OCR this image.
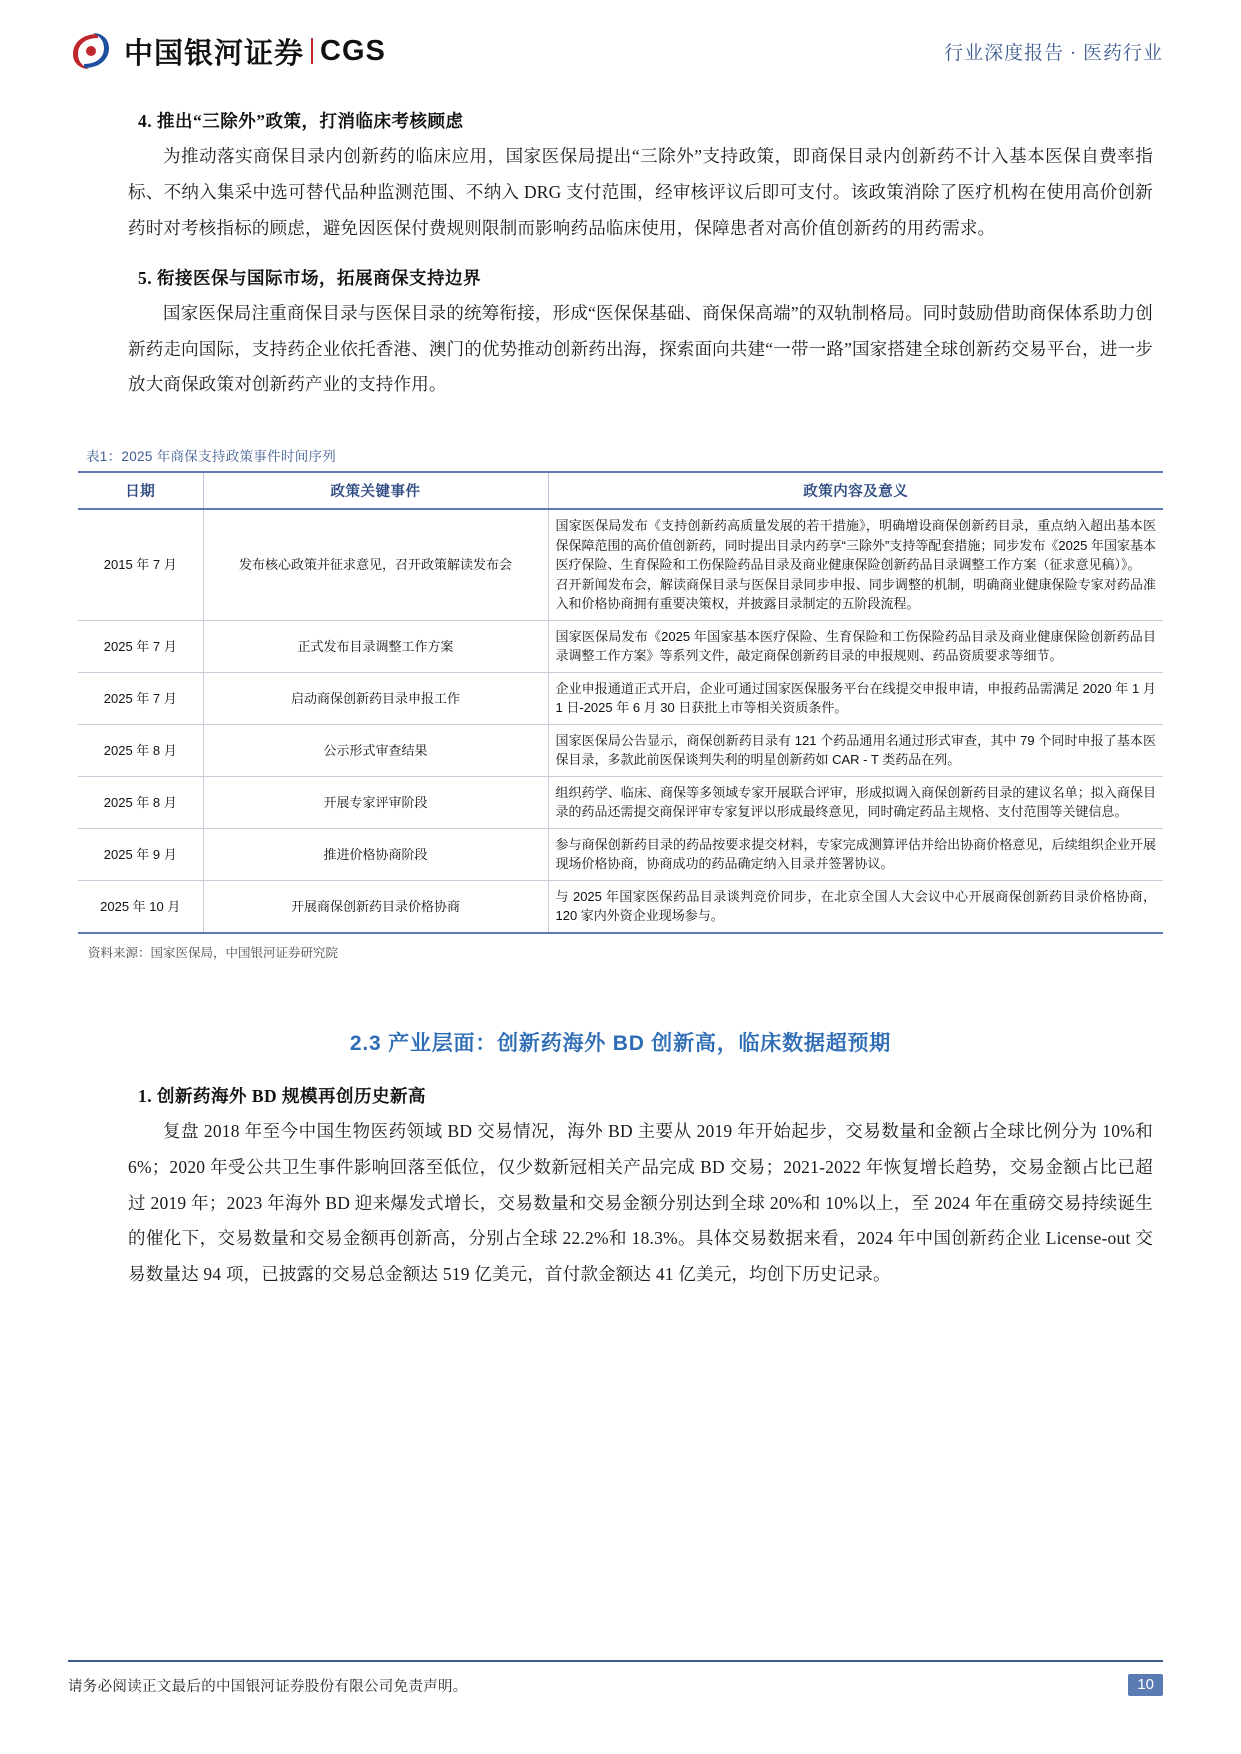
中国银河证券 CGS	行业深度报告 · 医药行业
4. 推出“三除外”政策，打消临床考核顾虑

为推动落实商保目录内创新药的临床应用，国家医保局提出“三除外”支持政策，即商保目录内创新药不计入基本医保自费率指标、不纳入集采中选可替代品种监测范围、不纳入 DRG 支付范围，经审核评议后即可支付。该政策消除了医疗机构在使用高价创新药时对考核指标的顾虑，避免因医保付费规则限制而影响药品临床使用，保障患者对高价值创新药的用药需求。

5. 衔接医保与国际市场，拓展商保支持边界

国家医保局注重商保目录与医保目录的统筹衔接，形成“医保保基础、商保保高端”的双轨制格局。同时鼓励借助商保体系助力创新药走向国际，支持药企业依托香港、澳门的优势推动创新药出海，探索面向共建“一带一路”国家搭建全球创新药交易平台，进一步放大商保政策对创新药产业的支持作用。

表1：2025 年商保支持政策事件时间序列
日期	政策关键事件	政策内容及意义
2015 年 7 月	发布核心政策并征求意见，召开政策解读发布会	国家医保局发布《支持创新药高质量发展的若干措施》，明确增设商保创新药目录，重点纳入超出基本医保保障范围的高价值创新药，同时提出目录内药享“三除外”支持等配套措施；同步发布《2025 年国家基本医疗保险、生育保险和工伤保险药品目录及商业健康保险创新药品目录调整工作方案（征求意见稿）》。
召开新闻发布会，解读商保目录与医保目录同步申报、同步调整的机制，明确商业健康保险专家对药品准入和价格协商拥有重要决策权，并披露目录制定的五阶段流程。
2025 年 7 月	正式发布目录调整工作方案	国家医保局发布《2025 年国家基本医疗保险、生育保险和工伤保险药品目录及商业健康保险创新药品目录调整工作方案》等系列文件，敲定商保创新药目录的申报规则、药品资质要求等细节。
2025 年 7 月	启动商保创新药目录申报工作	企业申报通道正式开启，企业可通过国家医保服务平台在线提交申报申请，申报药品需满足 2020 年 1 月 1 日-2025 年 6 月 30 日获批上市等相关资质条件。
2025 年 8 月	公示形式审查结果	国家医保局公告显示，商保创新药目录有 121 个药品通用名通过形式审查，其中 79 个同时申报了基本医保目录，多款此前医保谈判失利的明星创新药如 CAR - T 类药品在列。
2025 年 8 月	开展专家评审阶段	组织药学、临床、商保等多领域专家开展联合评审，形成拟调入商保创新药目录的建议名单；拟入商保目录的药品还需提交商保评审专家复评以形成最终意见，同时确定药品主规格、支付范围等关键信息。
2025 年 9 月	推进价格协商阶段	参与商保创新药目录的药品按要求提交材料，专家完成测算评估并给出协商价格意见，后续组织企业开展现场价格协商，协商成功的药品确定纳入目录并签署协议。
2025 年 10 月	开展商保创新药目录价格协商	与 2025 年国家医保药品目录谈判竞价同步，在北京全国人大会议中心开展商保创新药目录价格协商，120 家内外资企业现场参与。
资料来源：国家医保局，中国银河证券研究院
2.3 产业层面：创新药海外 BD 创新高，临床数据超预期
1. 创新药海外 BD 规模再创历史新高

复盘 2018 年至今中国生物医药领域 BD 交易情况，海外 BD 主要从 2019 年开始起步，交易数量和金额占全球比例分为 10%和 6%；2020 年受公共卫生事件影响回落至低位，仅少数新冠相关产品完成 BD 交易；2021-2022 年恢复增长趋势，交易金额占比已超过 2019 年；2023 年海外 BD 迎来爆发式增长，交易数量和交易金额分别达到全球 20%和 10%以上，至 2024 年在重磅交易持续诞生的催化下，交易数量和交易金额再创新高，分别占全球 22.2%和 18.3%。具体交易数据来看，2024 年中国创新药企业 License-out 交易数量达 94 项，已披露的交易总金额达 519 亿美元，首付款金额达 41 亿美元，均创下历史记录。

请务必阅读正文最后的中国银河证券股份有限公司免责声明。	10
